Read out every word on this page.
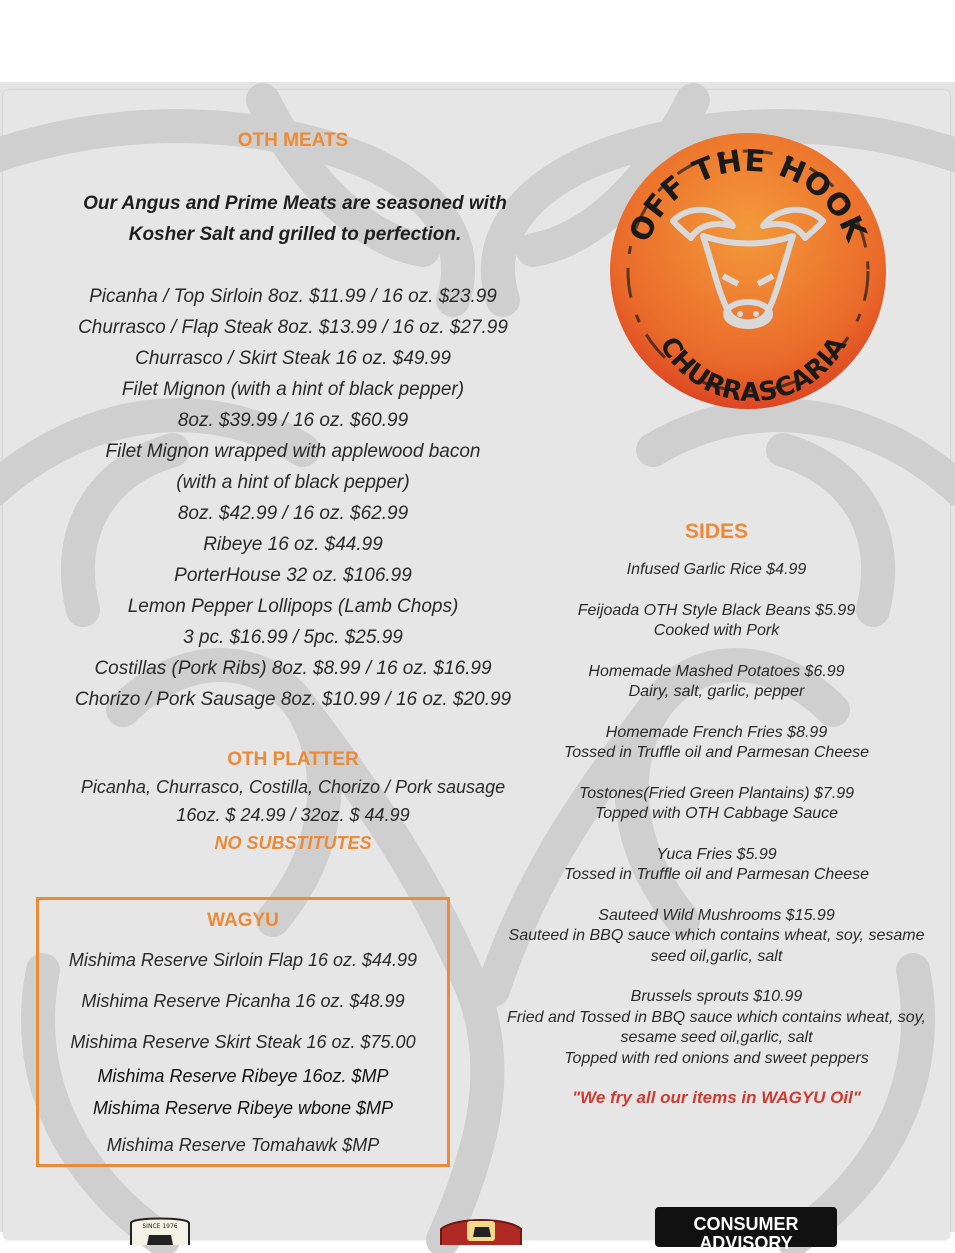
OTH MEATS
Our Angus and Prime Meats are seasoned with
Kosher Salt and grilled to perfection.
Picanha / Top Sirloin 8oz. $11.99 / 16 oz. $23.99
Churrasco / Flap Steak 8oz. $13.99 / 16 oz. $27.99
Churrasco / Skirt Steak 16 oz. $49.99
Filet Mignon (with a hint of black pepper)
8oz. $39.99 / 16 oz. $60.99
Filet Mignon wrapped with applewood bacon
(with a hint of black pepper)
8oz. $42.99 / 16 oz. $62.99
Ribeye 16 oz. $44.99
PorterHouse 32 oz. $106.99
Lemon Pepper Lollipops (Lamb Chops)
3 pc. $16.99 / 5pc. $25.99
Costillas (Pork Ribs) 8oz. $8.99 / 16 oz. $16.99
Chorizo / Pork Sausage 8oz. $10.99 / 16 oz. $20.99
OTH PLATTER
Picanha, Churrasco, Costilla, Chorizo / Pork sausage
16oz. $ 24.99 / 32oz. $ 44.99
NO SUBSTITUTES
WAGYU
Mishima Reserve Sirloin Flap 16 oz. $44.99
Mishima Reserve Picanha 16 oz. $48.99
Mishima Reserve Skirt Steak 16 oz. $75.00
Mishima Reserve Ribeye 16oz. $MP
Mishima Reserve Ribeye wbone $MP
Mishima Reserve Tomahawk $MP
OFF THE HOOK
CHURRASCARIA
SIDES
Infused Garlic Rice $4.99
Feijoada OTH Style Black Beans $5.99
Cooked with Pork
Homemade Mashed Potatoes $6.99
Dairy, salt, garlic, pepper
Homemade French Fries $8.99
Tossed in Truffle oil and Parmesan Cheese
Tostones(Fried Green Plantains) $7.99
Topped with OTH Cabbage Sauce
Yuca Fries $5.99
Tossed in Truffle oil and Parmesan Cheese
Sauteed Wild Mushrooms $15.99
Sauteed in BBQ sauce which contains wheat, soy, sesame
seed oil,garlic, salt
Brussels sprouts $10.99
Fried and Tossed in BBQ sauce which contains wheat, soy,
sesame seed oil,garlic, salt
Topped with red onions and sweet peppers
"We fry all our items in WAGYU Oil"
SINCE 1976	CONSUMER
ADVISORY
